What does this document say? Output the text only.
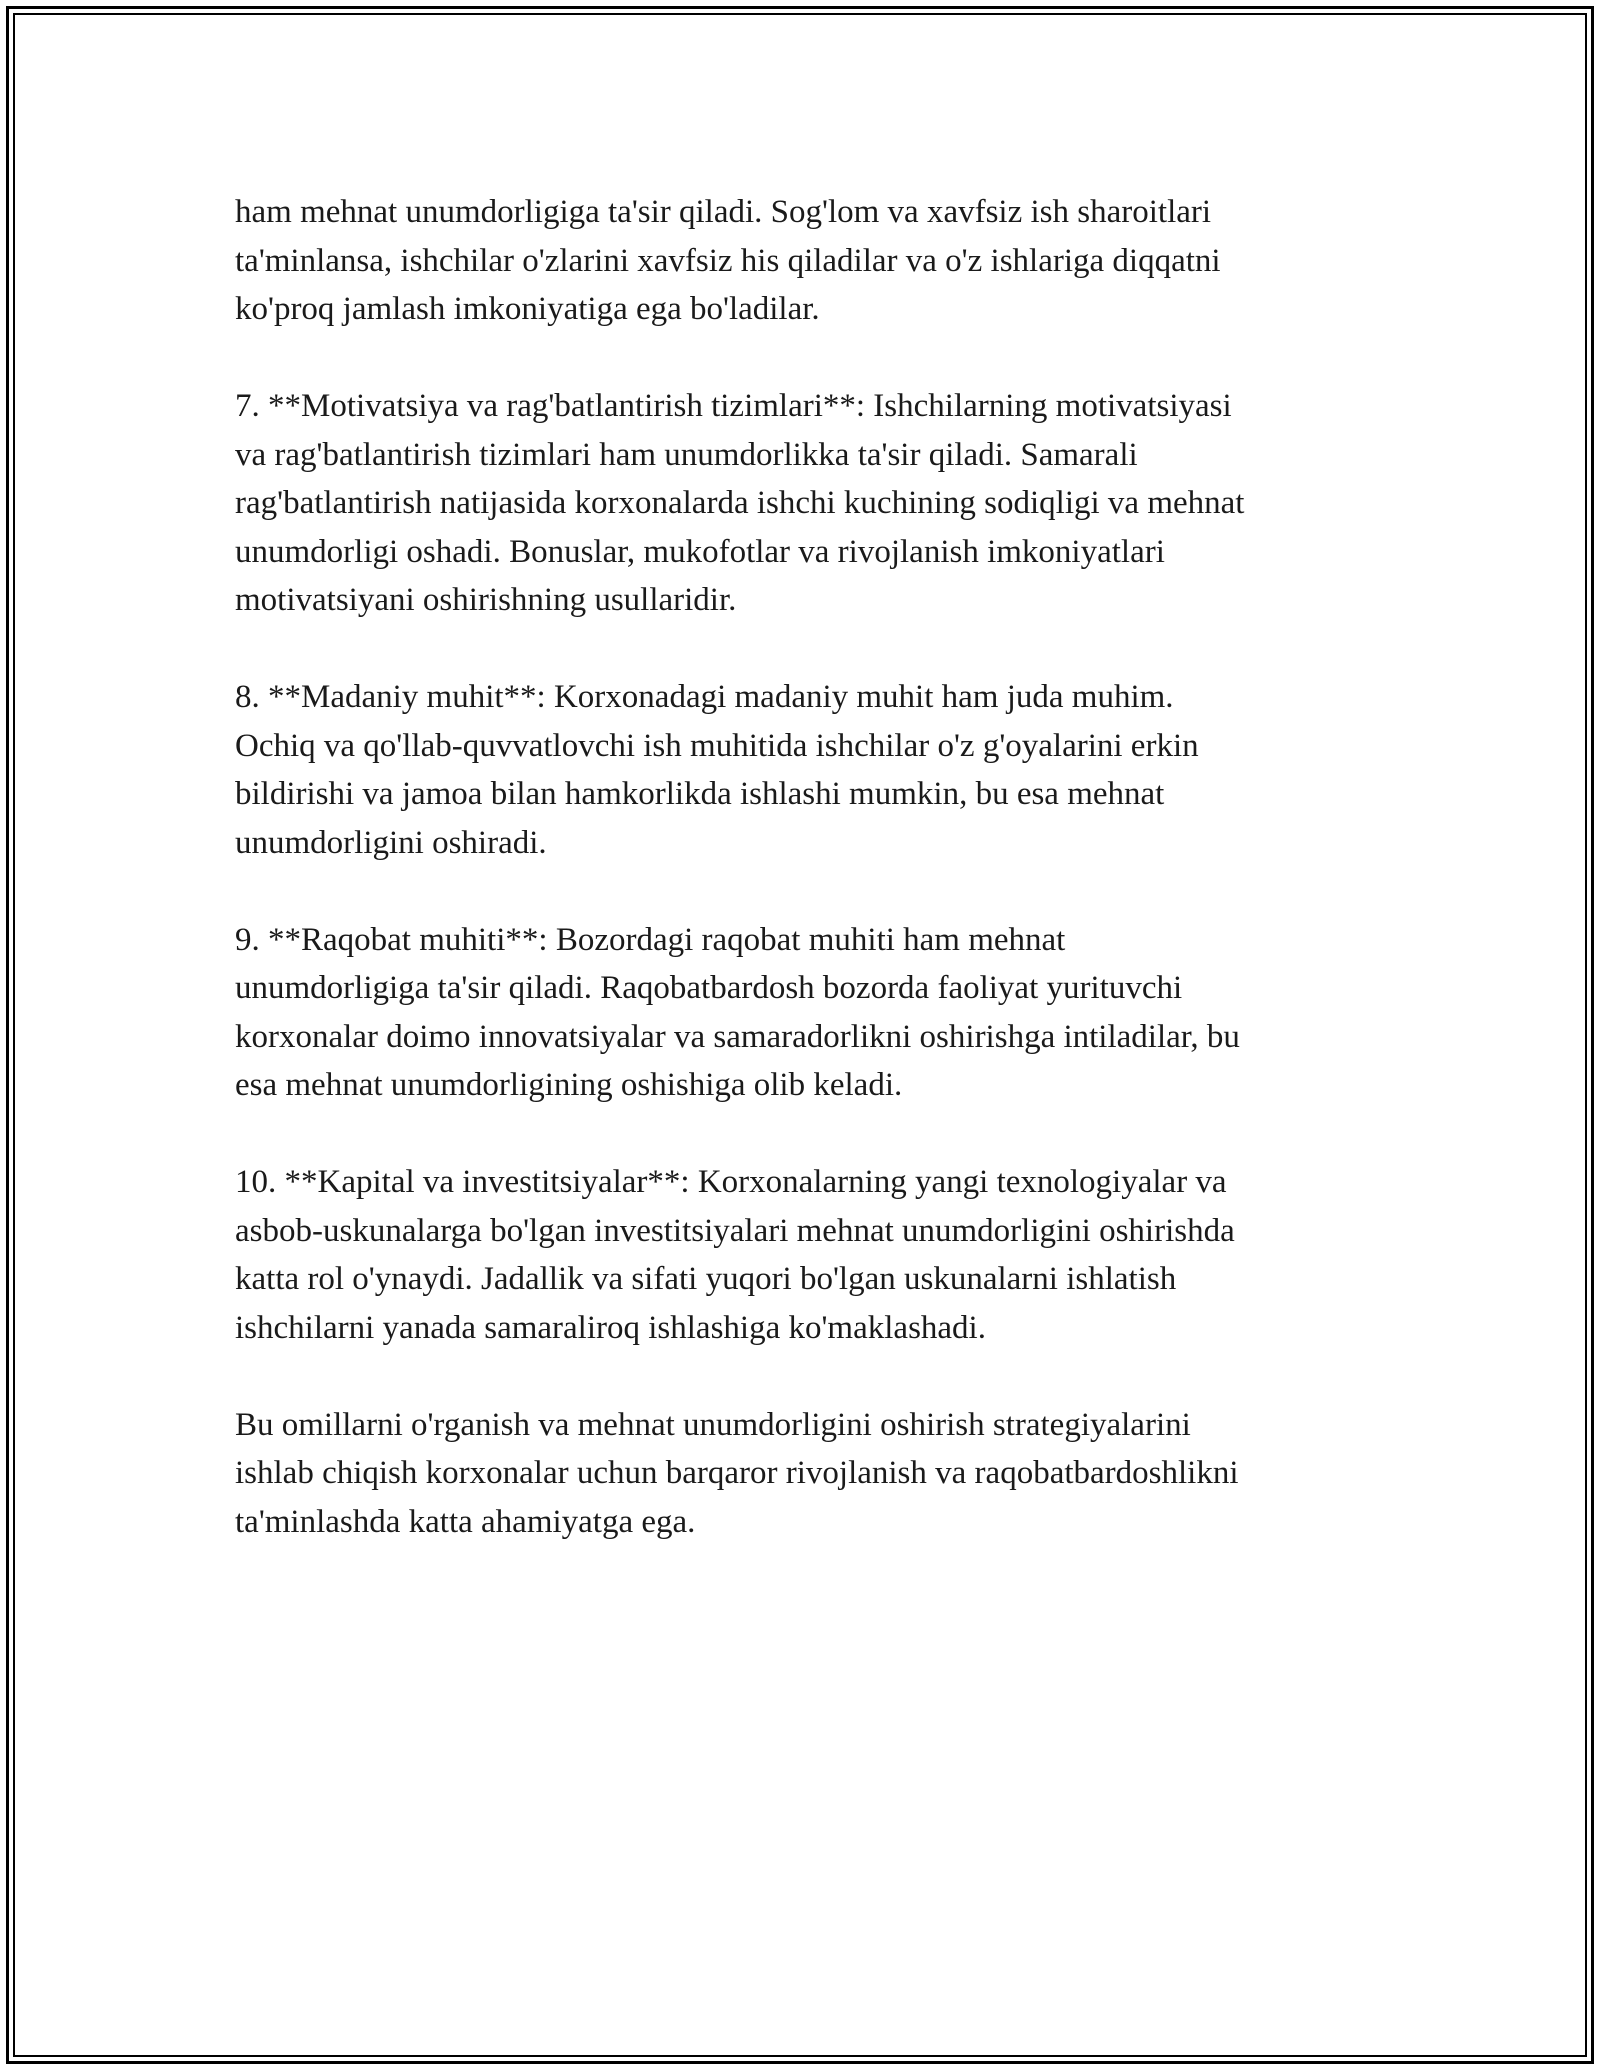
ham mehnat unumdorligiga ta'sir qiladi. Sog'lom va xavfsiz ish sharoitlari
ta'minlansa, ishchilar o'zlarini xavfsiz his qiladilar va o'z ishlariga diqqatni
ko'proq jamlash imkoniyatiga ega bo'ladilar.

7. **Motivatsiya va rag'batlantirish tizimlari**: Ishchilarning motivatsiyasi
va rag'batlantirish tizimlari ham unumdorlikka ta'sir qiladi. Samarali
rag'batlantirish natijasida korxonalarda ishchi kuchining sodiqligi va mehnat
unumdorligi oshadi. Bonuslar, mukofotlar va rivojlanish imkoniyatlari
motivatsiyani oshirishning usullaridir.

8. **Madaniy muhit**: Korxonadagi madaniy muhit ham juda muhim.
Ochiq va qo'llab-quvvatlovchi ish muhitida ishchilar o'z g'oyalarini erkin
bildirishi va jamoa bilan hamkorlikda ishlashi mumkin, bu esa mehnat
unumdorligini oshiradi.

9. **Raqobat muhiti**: Bozordagi raqobat muhiti ham mehnat
unumdorligiga ta'sir qiladi. Raqobatbardosh bozorda faoliyat yurituvchi
korxonalar doimo innovatsiyalar va samaradorlikni oshirishga intiladilar, bu
esa mehnat unumdorligining oshishiga olib keladi.

10. **Kapital va investitsiyalar**: Korxonalarning yangi texnologiyalar va
asbob-uskunalarga bo'lgan investitsiyalari mehnat unumdorligini oshirishda
katta rol o'ynaydi. Jadallik va sifati yuqori bo'lgan uskunalarni ishlatish
ishchilarni yanada samaraliroq ishlashiga ko'maklashadi.

Bu omillarni o'rganish va mehnat unumdorligini oshirish strategiyalarini
ishlab chiqish korxonalar uchun barqaror rivojlanish va raqobatbardoshlikni
ta'minlashda katta ahamiyatga ega.
